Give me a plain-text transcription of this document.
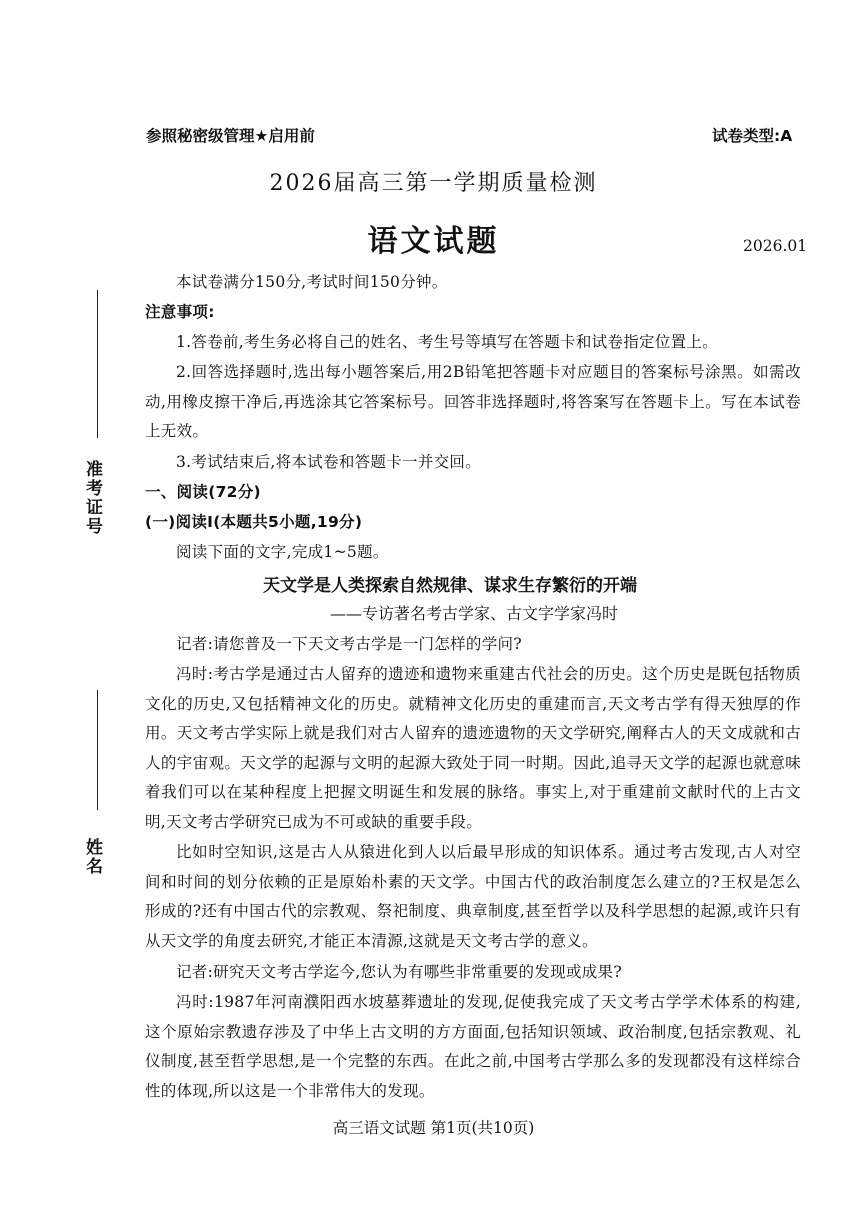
参照秘密级管理★启用前	试卷类型:A
2026届高三第一学期质量检测
语文试题	2026.01
准考证号
姓名
本试卷满分150分,考试时间150分钟。
注意事项:
1.答卷前,考生务必将自己的姓名、考生号等填写在答题卡和试卷指定位置上。
2.回答选择题时,选出每小题答案后,用2B铅笔把答题卡对应题目的答案标号涂黑。如需改动,用橡皮擦干净后,再选涂其它答案标号。回答非选择题时,将答案写在答题卡上。写在本试卷上无效。
3.考试结束后,将本试卷和答题卡一并交回。
一、阅读(72分)
(一)阅读Ⅰ(本题共5小题,19分)
阅读下面的文字,完成1~5题。
天文学是人类探索自然规律、谋求生存繁衍的开端
——专访著名考古学家、古文字学家冯时
记者:请您普及一下天文考古学是一门怎样的学问?
冯时:考古学是通过古人留弃的遗迹和遗物来重建古代社会的历史。这个历史是既包括物质文化的历史,又包括精神文化的历史。就精神文化历史的重建而言,天文考古学有得天独厚的作用。天文考古学实际上就是我们对古人留弃的遗迹遗物的天文学研究,阐释古人的天文成就和古人的宇宙观。天文学的起源与文明的起源大致处于同一时期。因此,追寻天文学的起源也就意味着我们可以在某种程度上把握文明诞生和发展的脉络。事实上,对于重建前文献时代的上古文明,天文考古学研究已成为不可或缺的重要手段。
比如时空知识,这是古人从猿进化到人以后最早形成的知识体系。通过考古发现,古人对空间和时间的划分依赖的正是原始朴素的天文学。中国古代的政治制度怎么建立的?王权是怎么形成的?还有中国古代的宗教观、祭祀制度、典章制度,甚至哲学以及科学思想的起源,或许只有从天文学的角度去研究,才能正本清源,这就是天文考古学的意义。
记者:研究天文考古学迄今,您认为有哪些非常重要的发现或成果?
冯时:1987年河南濮阳西水坡墓葬遗址的发现,促使我完成了天文考古学学术体系的构建,这个原始宗教遗存涉及了中华上古文明的方方面面,包括知识领域、政治制度,包括宗教观、礼仪制度,甚至哲学思想,是一个完整的东西。在此之前,中国考古学那么多的发现都没有这样综合性的体现,所以这是一个非常伟大的发现。
高三语文试题 第1页(共10页)
